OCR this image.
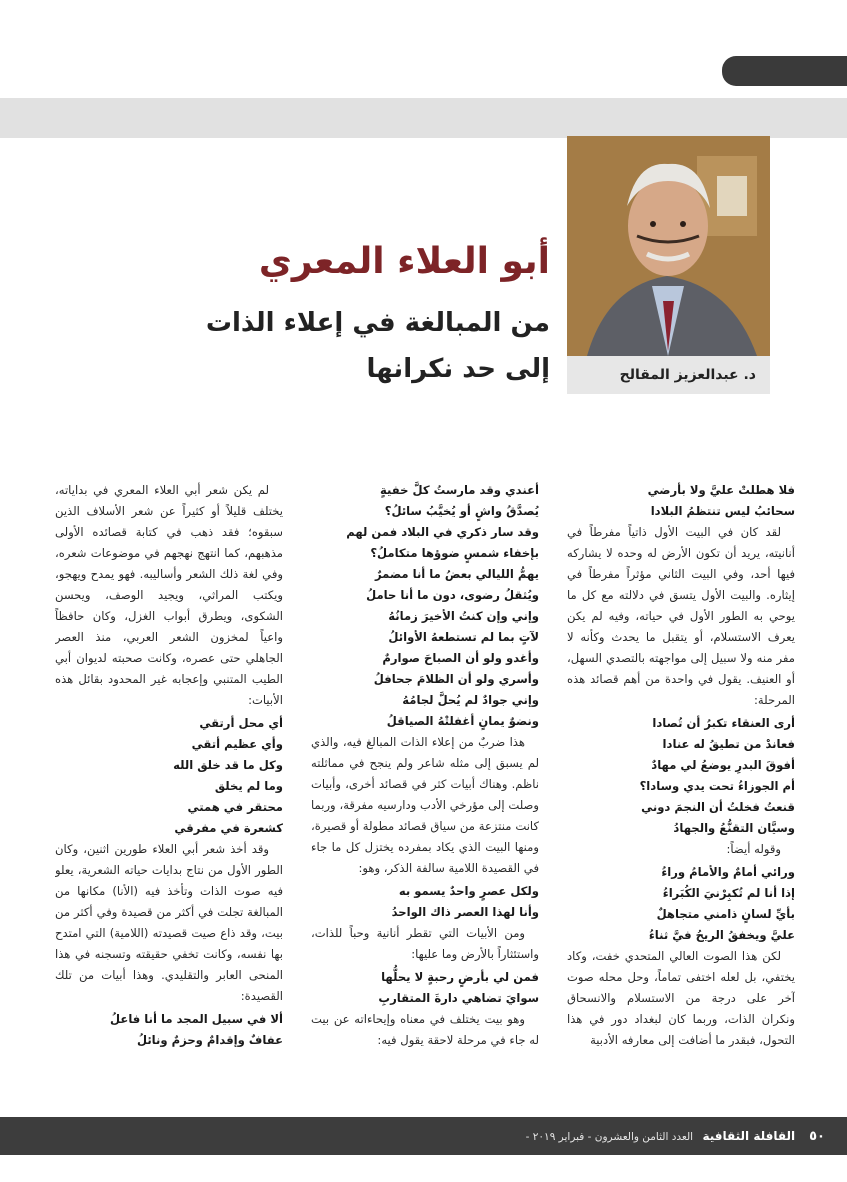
مقالات
د. عبدالعزيز المقالح
أبو العلاء المعري
من المبالغة في إعلاء الذات
إلى حد نكرانها

لم يكن شعر أبي العلاء المعري في بداياته، يختلف قليلاً أو كثيراً عن شعر الأسلاف الذين سبقوه؛ فقد ذهب في كتابة قصائده الأولى مذهبهم، كما انتهج نهجهم في موضوعات شعره، وفي لغة ذلك الشعر وأساليبه. فهو يمدح ويهجو، ويكتب المراثي، ويجيد الوصف، ويحسن الشكوى، ويطرق أبواب الغزل، وكان حافظاً واعياً لمخزون الشعر العربي، منذ العصر الجاهلي حتى عصره، وكانت صحبته لديوان أبي الطيب المتنبي وإعجابه غير المحدود بقائل هذه الأبيات:

أي محل أرتقي
وأي عظيم أتقي
وكل ما قد خلق الله
وما لم يخلق
محتقر في همتي
كشعرة في مفرقي

وقد أخذ شعر أبي العلاء طورين اثنين، وكان الطور الأول من نتاج بدايات حياته الشعرية، يعلو فيه صوت الذات وتأخذ فيه (الأنا) مكانها من المبالغة تجلت في أكثر من قصيدة وفي أكثر من بيت، وقد ذاع صيت قصيدته (اللامية) التي امتدح بها نفسه، وكانت تخفي حقيقته وتسجنه في هذا المنحى العابر والتقليدي. وهذا أبيات من تلك القصيدة:

ألا في سبيل المجد ما أنا فاعلُ
عفافٌ وإقدامٌ وحزمٌ ونائلُ
أعندي وقد مارستُ كلَّ خفيةٍ
يُصدَّقُ واشٍ أو يُخيَّبُ سائلُ؟
وقد سار ذكري في البلاد فمن لهم
بإخفاء شمسٍ ضوؤها متكاملُ؟
يهمُّ الليالي بعضُ ما أنا مضمرٌ
ويُثقلُ رضوى، دون ما أنا حاملُ
وإني وإن كنتُ الأخيرَ زمانُهُ
لآتٍ بما لم تستطعهُ الأوائلُ
وأغدو ولو أن الصباحَ صوارمٌ
وأسري ولو أن الظلامَ جحافلُ
وإني جوادٌ لم يُحلَّ لجامُهُ
ونضوٌ يمانٍ أغفلتْهُ الصياقلُ

هذا ضربٌ من إعلاء الذات المبالغ فيه، والذي لم يسبق إلى مثله شاعر ولم ينجح في مماثلته ناظم. وهناك أبيات كثر في قصائد أخرى، وأبيات وصلت إلى مؤرخي الأدب ودارسيه مفرقة، وربما كانت منتزعة من سياق قصائد مطولة أو قصيرة، ومنها البيت الذي يكاد بمفرده يختزل كل ما جاء في القصيدة اللامية سالفة الذكر، وهو:

ولكل عصرٍ واحدٌ يسمو به
وأنا لهذا العصر ذاك الواحدُ

ومن الأبيات التي تقطر أنانية وحباً للذات، واستئثاراً بالأرض وما عليها:

فمن لي بأرضٍ رحبةٍ لا يحلُّها
سوايَ تضاهي دارةَ المتقاربِ

وهو بيت يختلف في معناه وإيحاءاته عن بيت له جاء في مرحلة لاحقة يقول فيه:

فلا هطلتْ عليَّ ولا بأرضي
سحائبُ ليس تنتظمُ البلادا

لقد كان في البيت الأول ذاتياً مفرطاً في أنانيته، يريد أن تكون الأرض له وحده لا يشاركه فيها أحد، وفي البيت الثاني مؤثراً مفرطاً في إيثاره. والبيت الأول يتسق في دلالته مع كل ما يوحي به الطور الأول في حياته، وفيه لم يكن يعرف الاستسلام، أو يتقبل ما يحدث وكأنه لا مفر منه ولا سبيل إلى مواجهته بالتصدي السهل، أو العنيف. يقول في واحدة من أهم قصائد هذه المرحلة:

أرى العنقاء تكبرُ أن تُصادا
فعاندْ من تطيقُ له عنادا
أفوقَ البدرِ يوضعُ لي مهادٌ
أم الجوزاءُ تحت يدي وسادا؟
قنعتُ فخلتُ أن النجمَ دوني
وسيَّان التقنُّعُ والجهادُ

وقوله أيضاً:

ورائي أمامٌ والأمامُ وراءُ
إذا أنا لم تُكبِرْنيَ الكُبَراءُ
بأيِّ لسانٍ ذامني متجاهلٌ
عليَّ ويخفقُ الريحُ فيَّ ثناءُ

لكن هذا الصوت العالي المتحدي خفت، وكاد يختفي، بل لعله اختفى تماماً، وحل محله صوت آخر على درجة من الاستسلام والانسحاق ونكران الذات، وربما كان لبغداد دور في هذا التحول، فبقدر ما أضافت إلى معارفه الأدبية

القافلة الثقافية العدد الثامن والعشرون - فبراير ٢٠١٩ -	٥٠
